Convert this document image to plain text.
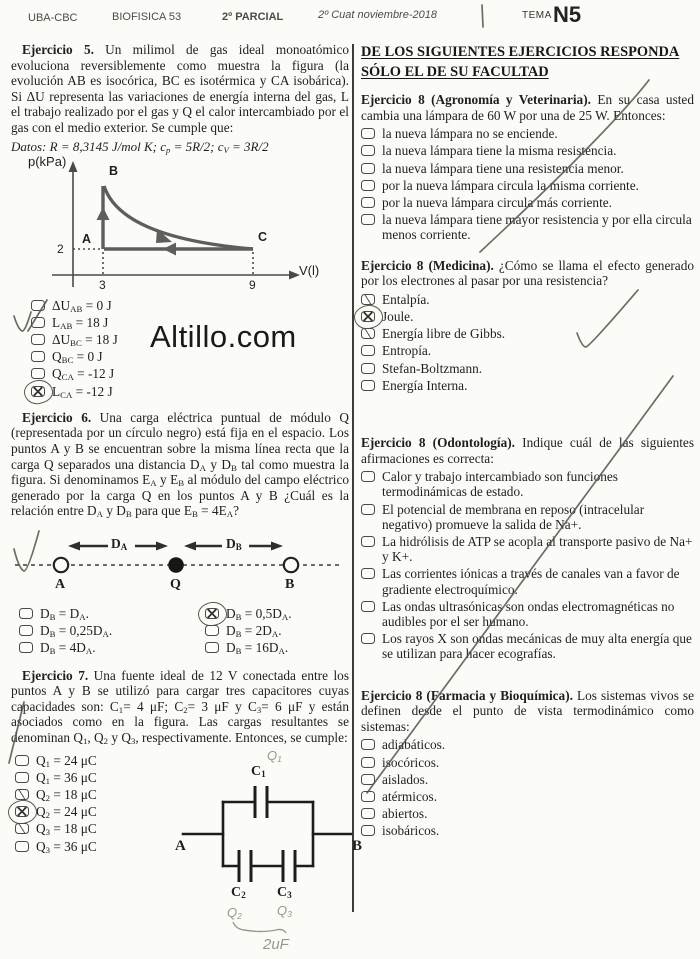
UBA-CBC	BIOFISICA 53	2º PARCIAL	2º Cuat noviembre-2018	TEMA N5

Ejercicio 5. Un milimol de gas ideal monoatómico evoluciona reversiblemente como muestra la figura (la evolución AB es isocórica, BC es isotérmica y CA isobárica). Si ΔU representa las variaciones de energía interna del gas, L el trabajo realizado por el gas y Q el calor intercambiado por el gas con el medio exterior. Se cumple que:

Datos: R = 8,3145 J/mol K; $c_p = 5R/2$; $c_V = 3R/2$

p(kPa)
V(l)
A
B
C
2
3	9
$\Delta U_{AB} = 0$ J
$L_{AB} = 18$ J
$\Delta U_{BC} = 18$ J
$Q_{BC} = 0$ J
$Q_{CA} = -12$ J
$L_{CA} = -12$ J

Ejercicio 6. Una carga eléctrica puntual de módulo Q (representada por un círculo negro) está fija en el espacio. Los puntos A y B se encuentran sobre la misma línea recta que la carga Q separados una distancia $D_A$ y $D_B$ tal como muestra la figura. Si denominamos $E_A$ y $E_B$ al módulo del campo eléctrico generado por la carga Q en los puntos A y B ¿Cuál es la relación entre $D_A$ y $D_B$ para que $E_B = 4E_A$?

$D_A$	$D_B$
A	Q	B
$D_B = D_A$.
$D_B = 0,25D_A$.
$D_B = 4D_A$.
$D_B = 0,5D_A$.
$D_B = 2D_A$.
$D_B = 16D_A$.

Ejercicio 7. Una fuente ideal de 12 V conectada entre los puntos A y B se utilizó para cargar tres capacitores cuyas capacidades son: $C_1= 4$ μF; $C_2= 3$ μF y $C_3= 6$ μF y están asociados como en la figura. Las cargas resultantes se denominan $Q_1$, $Q_2$ y $Q_3$, respectivamente. Entonces, se cumple:

$Q_1 = 24$ μC
$Q_1 = 36$ μC
$Q_2 = 18$ μC
$Q_2 = 24$ μC
$Q_3 = 18$ μC
$Q_3 = 36$ μC
$Q_1$
$C_1$
A	B
$C_2$ $C_3$
$Q_2$	$Q_3$
2uF
Altillo.com
DE LOS SIGUIENTES EJERCICIOS RESPONDA SÓLO EL DE SU FACULTAD

Ejercicio 8 (Agronomía y Veterinaria). En su casa usted cambia una lámpara de 60 W por una de 25 W. Entonces:

la nueva lámpara no se enciende.
la nueva lámpara tiene la misma resistencia.
la nueva lámpara tiene una resistencia menor.
por la nueva lámpara circula la misma corriente.
por la nueva lámpara circula más corriente.
la nueva lámpara tiene mayor resistencia y por ella circula menos corriente.

Ejercicio 8 (Medicina). ¿Cómo se llama el efecto generado por los electrones al pasar por una resistencia?

Entalpía.
Joule.
Energía libre de Gibbs.
Entropía.
Stefan-Boltzmann.
Energía Interna.

Ejercicio 8 (Odontología). Indique cuál de las siguientes afirmaciones es correcta:

Calor y trabajo intercambiado son funciones termodinámicas de estado.
El potencial de membrana en reposo (intracelular negativo) promueve la salida de Na+.
La hidrólisis de ATP se acopla al transporte pasivo de Na+ y K+.
Las corrientes iónicas a través de canales van a favor de gradiente electroquímico.
Las ondas ultrasónicas son ondas electromagnéticas no audibles por el ser humano.
Los rayos X son ondas mecánicas de muy alta energía que se utilizan para hacer ecografías.

Ejercicio 8 (Farmacia y Bioquímica). Los sistemas vivos se definen desde el punto de vista termodinámico como sistemas:

adiabáticos.
isocóricos.
aislados.
atérmicos.
abiertos.
isobáricos.
